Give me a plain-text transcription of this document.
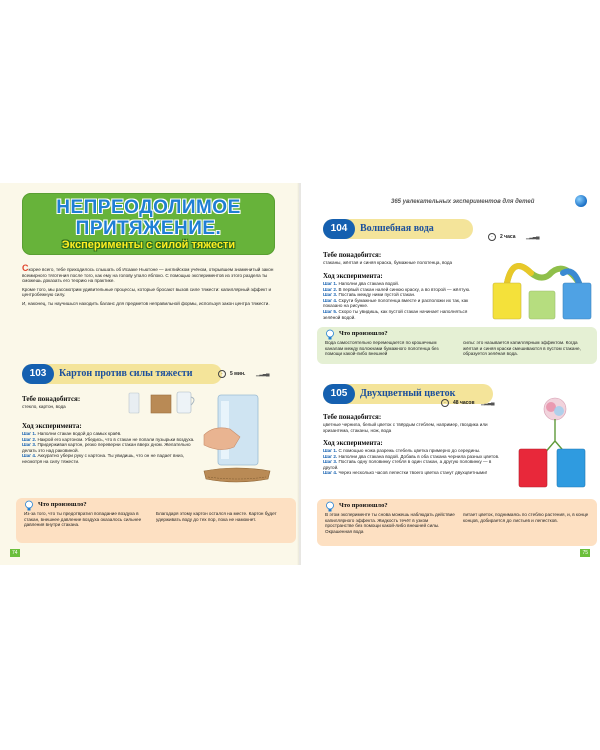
НЕПРЕОДОЛИМОЕ ПРИТЯЖЕНИЕ.
Эксперименты с силой тяжести

Скорее всего, тебе приходилось слышать об Исааке Ньютоне — английском учёном, открывшем знаменитый закон всемирного тяготения после того, как ему на голову упало яблоко. С помощью экспериментов из этого раздела ты сможешь доказать его теорию на практике.

Кроме того, мы рассмотрим удивительные процессы, которые бросают вызов силе тяжести: капиллярный эффект и центробежную силу.

И, наконец, ты научишься находить баланс для предметов неправильной формы, используя закон центра тяжести.

103	Картон против силы тяжести	·	5 мин. ▁▂▃▄
Тебе понадобится:
стекло, картон, вода
Ход эксперимента:
Шаг 1. Наполни стакан водой до самых краёв.
Шаг 2. Накрой его картоном. Убедись, что в стакан не попали пузырьки воздуха.
Шаг 3. Придерживая картон, резко переверни стакан вверх дном. Желательно делать это над раковиной.
Шаг 4. Аккуратно убери руку с картона. Ты увидишь, что он не падает вниз, несмотря на силу тяжести.
Что произошло?
Из-за того, что ты предотвратил попадание воздуха в стакан, внешнее давление воздуха оказалось сильнее давления внутри стакана.
Благодаря этому картон остался на месте. Картон будет удерживать воду до тех пор, пока не намокнет.
74
365 увлекательных экспериментов для детей
104	Волшебная вода
·	2 часа ▁▂▃▄
Тебе понадобится:
стаканы, жёлтая и синяя краска, бумажные полотенца, вода
Ход эксперимента:
Шаг 1. Наполни два стакана водой.
Шаг 2. В первый стакан налей синюю краску, а во второй — жёлтую.
Шаг 3. Поставь между ними пустой стакан.
Шаг 4. Скрути бумажные полотенца вместе и расположи их так, как показано на рисунке.
Шаг 5. Скоро ты увидишь, как пустой стакан начинает наполняться зелёной водой.
Что произошло?
Вода самостоятельно перемещается по крошечным каналам между волокнами бумажного полотенца без помощи какой-либо внешней
силы: это называется капиллярным эффектом. Когда жёлтая и синяя краски смешиваются в пустом стакане, образуется зелёная вода.
105	Двухцветный цветок
·	48 часов ▁▂▃▄
Тебе понадобится:
цветные чернила, белый цветок с твёрдым стеблем, например, гвоздика или хризантема, стаканы, нож, вода
Ход эксперимента:
Шаг 1. С помощью ножа разрежь стебель цветка примерно до середины.
Шаг 2. Наполни два стакана водой. Добавь в оба стакана чернила разных цветов.
Шаг 3. Поставь одну половинку стебля в один стакан, а другую половинку — в другой.
Шаг 4. Через несколько часов лепестки твоего цветка станут двухцветными!
Что произошло?
В этом эксперименте ты снова можешь наблюдать действие капиллярного эффекта. Жидкость течёт в узком пространстве без помощи какой-либо внешней силы. Окрашенная вода
питает цветок, поднимаясь по стеблю растения, и, в конце концов, добирается до листьев и лепестков.
75
